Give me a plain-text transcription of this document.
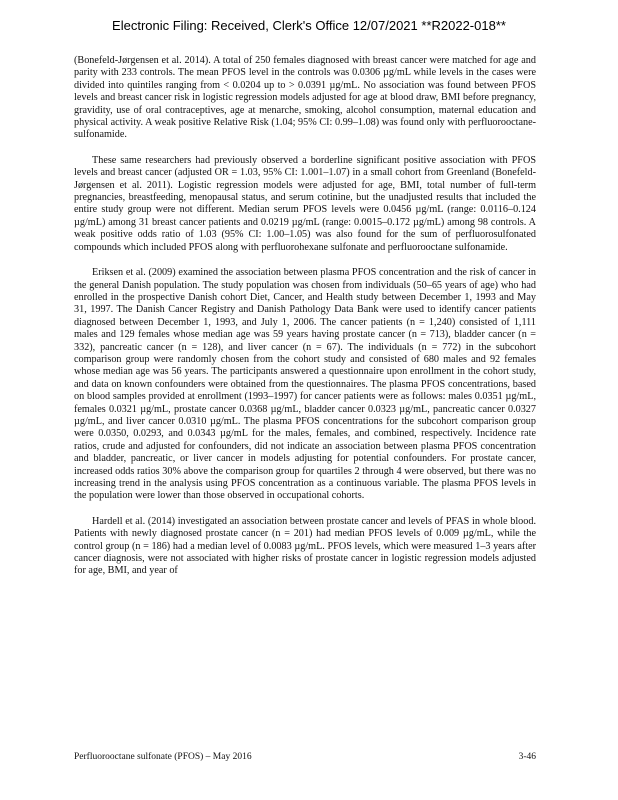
Electronic Filing: Received, Clerk's Office 12/07/2021 **R2022-018**

(Bonefeld-Jørgensen et al. 2014). A total of 250 females diagnosed with breast cancer were matched for age and parity with 233 controls. The mean PFOS level in the controls was 0.0306 µg/mL while levels in the cases were divided into quintiles ranging from < 0.0204 up to > 0.0391 µg/mL. No association was found between PFOS levels and breast cancer risk in logistic regression models adjusted for age at blood draw, BMI before pregnancy, gravidity, use of oral contraceptives, age at menarche, smoking, alcohol consumption, maternal education and physical activity. A weak positive Relative Risk (1.04; 95% CI: 0.99–1.08) was found only with perfluorooctane-sulfonamide.

These same researchers had previously observed a borderline significant positive association with PFOS levels and breast cancer (adjusted OR = 1.03, 95% CI: 1.001–1.07) in a small cohort from Greenland (Bonefeld-Jørgensen et al. 2011). Logistic regression models were adjusted for age, BMI, total number of full-term pregnancies, breastfeeding, menopausal status, and serum cotinine, but the unadjusted results that included the entire study group were not different. Median serum PFOS levels were 0.0456 µg/mL (range: 0.0116–0.124 µg/mL) among 31 breast cancer patients and 0.0219 µg/mL (range: 0.0015–0.172 µg/mL) among 98 controls. A weak positive odds ratio of 1.03 (95% CI: 1.00–1.05) was also found for the sum of perfluorosulfonated compounds which included PFOS along with perfluorohexane sulfonate and perfluorooctane sulfonamide.

Eriksen et al. (2009) examined the association between plasma PFOS concentration and the risk of cancer in the general Danish population. The study population was chosen from individuals (50–65 years of age) who had enrolled in the prospective Danish cohort Diet, Cancer, and Health study between December 1, 1993 and May 31, 1997. The Danish Cancer Registry and Danish Pathology Data Bank were used to identify cancer patients diagnosed between December 1, 1993, and July 1, 2006. The cancer patients (n = 1,240) consisted of 1,111 males and 129 females whose median age was 59 years having prostate cancer (n = 713), bladder cancer (n = 332), pancreatic cancer (n = 128), and liver cancer (n = 67). The individuals (n = 772) in the subcohort comparison group were randomly chosen from the cohort study and consisted of 680 males and 92 females whose median age was 56 years. The participants answered a questionnaire upon enrollment in the cohort study, and data on known confounders were obtained from the questionnaires. The plasma PFOS concentrations, based on blood samples provided at enrollment (1993–1997) for cancer patients were as follows: males 0.0351 µg/mL, females 0.0321 µg/mL, prostate cancer 0.0368 µg/mL, bladder cancer 0.0323 µg/mL, pancreatic cancer 0.0327 µg/mL, and liver cancer 0.0310 µg/mL. The plasma PFOS concentrations for the subcohort comparison group were 0.0350, 0.0293, and 0.0343 µg/mL for the males, females, and combined, respectively. Incidence rate ratios, crude and adjusted for confounders, did not indicate an association between plasma PFOS concentration and bladder, pancreatic, or liver cancer in models adjusting for potential confounders. For prostate cancer, increased odds ratios 30% above the comparison group for quartiles 2 through 4 were observed, but there was no increasing trend in the analysis using PFOS concentration as a continuous variable. The plasma PFOS levels in the population were lower than those observed in occupational cohorts.

Hardell et al. (2014) investigated an association between prostate cancer and levels of PFAS in whole blood. Patients with newly diagnosed prostate cancer (n = 201) had median PFOS levels of 0.009 µg/mL, while the control group (n = 186) had a median level of 0.0083 µg/mL. PFOS levels, which were measured 1–3 years after cancer diagnosis, were not associated with higher risks of prostate cancer in logistic regression models adjusted for age, BMI, and year of

Perfluorooctane sulfonate (PFOS) – May 2016	3-46
